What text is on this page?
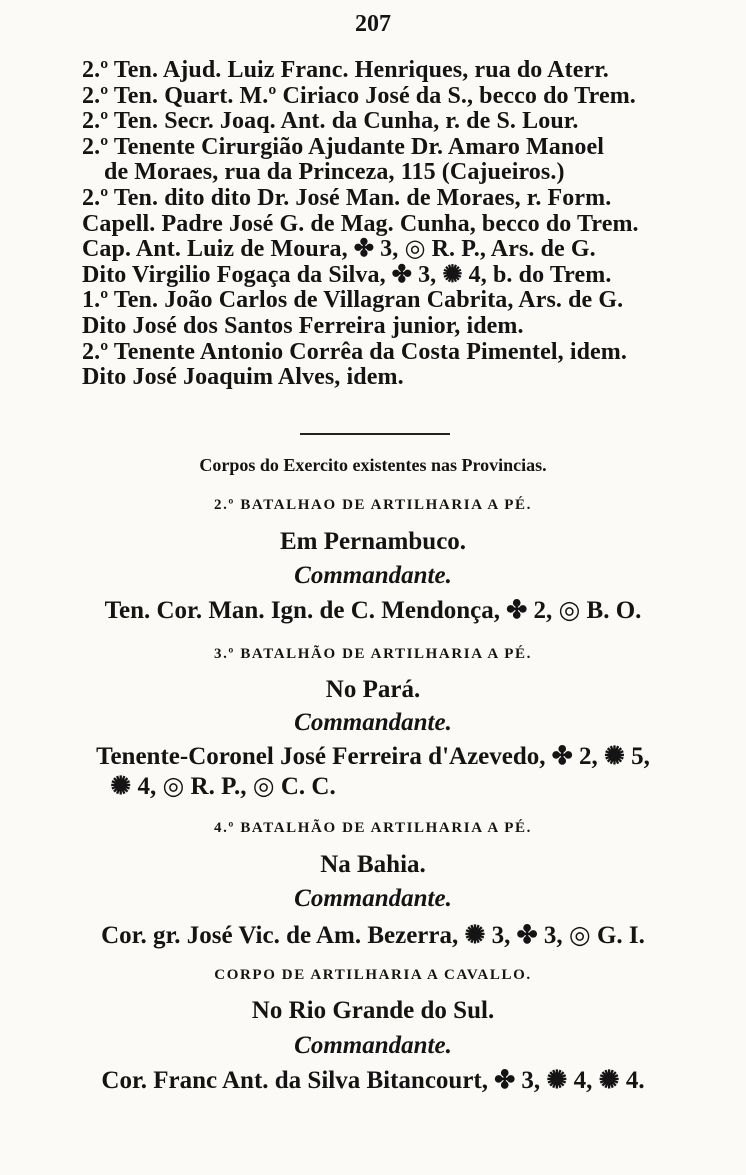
207
2.º Ten. Ajud. Luiz Franc. Henriques, rua do Aterr.
2.º Ten. Quart. M.º Ciriaco José da S., becco do Trem.
2.º Ten. Secr. Joaq. Ant. da Cunha, r. de S. Lour.
2.º Tenente Cirurgião Ajudante Dr. Amaro Manoel
de Moraes, rua da Princeza, 115 (Cajueiros.)
2.º Ten. dito dito Dr. José Man. de Moraes, r. Form.
Capell. Padre José G. de Mag. Cunha, becco do Trem.
Cap. Ant. Luiz de Moura, ✤ 3, ◎ R. P., Ars. de G.
Dito Virgilio Fogaça da Silva, ✤ 3, ✺ 4, b. do Trem.
1.º Ten. João Carlos de Villagran Cabrita, Ars. de G.
Dito José dos Santos Ferreira junior, idem.
2.º Tenente Antonio Corrêa da Costa Pimentel, idem.
Dito José Joaquim Alves, idem.
Corpos do Exercito existentes nas Provincias.
2.º BATALHAO DE ARTILHARIA A PÉ.
Em Pernambuco.
Commandante.
Ten. Cor. Man. Ign. de C. Mendonça, ✤ 2, ◎ B. O.
3.º BATALHÃO DE ARTILHARIA A PÉ.
No Pará.
Commandante.
Tenente-Coronel José Ferreira d'Azevedo, ✤ 2, ✺ 5,
✺ 4, ◎ R. P., ◎ C. C.
4.º BATALHÃO DE ARTILHARIA A PÉ.
Na Bahia.
Commandante.
Cor. gr. José Vic. de Am. Bezerra, ✺ 3, ✤ 3, ◎ G. I.
CORPO DE ARTILHARIA A CAVALLO.
No Rio Grande do Sul.
Commandante.
Cor. Franc Ant. da Silva Bitancourt, ✤ 3, ✺ 4, ✺ 4.
